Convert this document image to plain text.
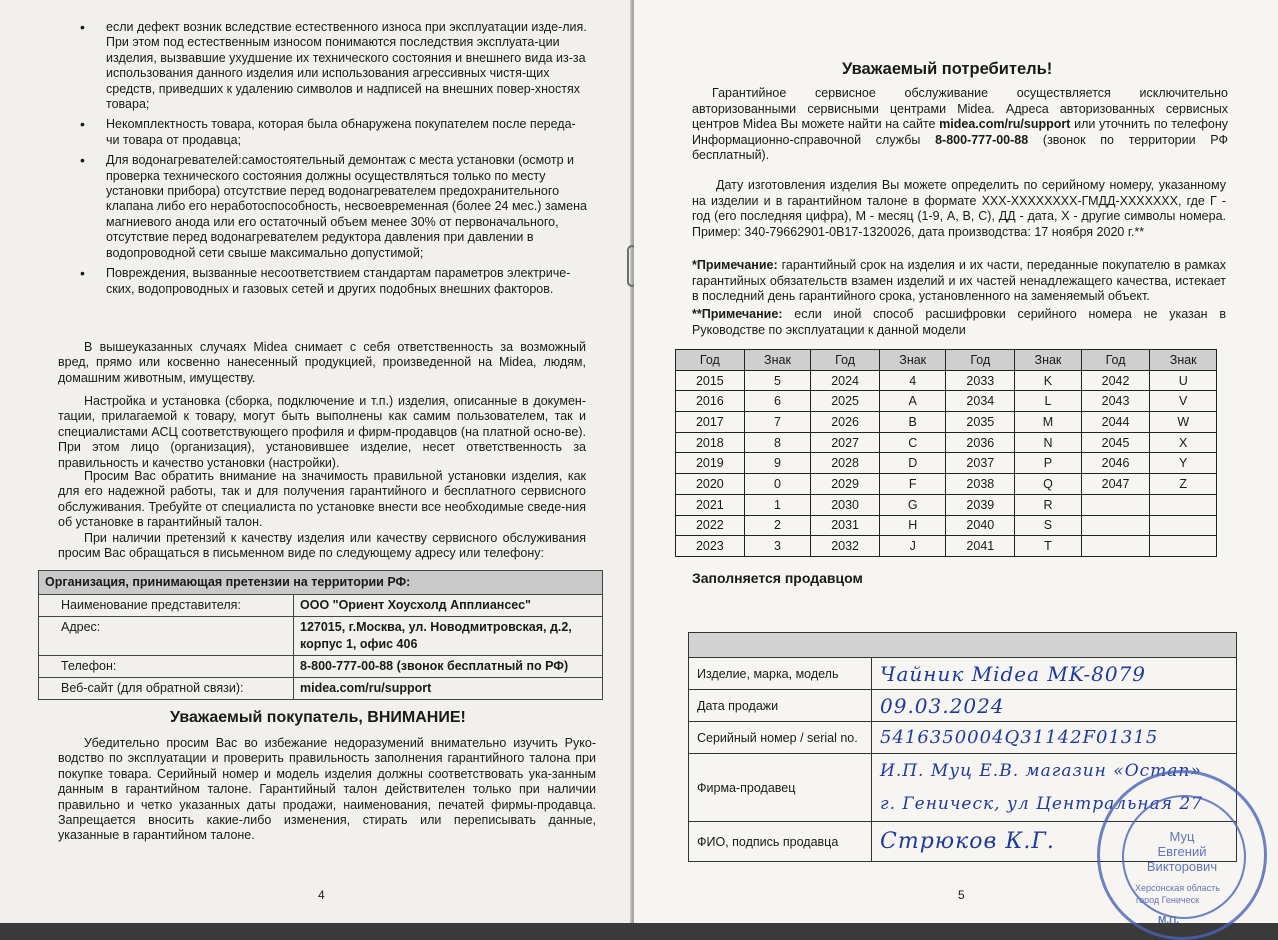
• если дефект возник вследствие естественного износа при эксплуатации изде-лия. При этом под естественным износом понимаются последствия эксплуата-ции изделия, вызвавшие ухудшение их технического состояния и внешнего вида из-за использования данного изделия или использования агрессивных чистя-щих средств, приведших к удалению символов и надписей на внешних повер-хностях товара;
• Некомплектность товара, которая была обнаружена покупателем после переда-чи товара от продавца;
• Для водонагревателей:самостоятельный демонтаж с места установки (осмотр и проверка технического состояния должны осуществляться только по месту установки прибора) отсутствие перед водонагревателем предохранительного клапана либо его неработоспособность, несвоевременная (более 24 мес.) замена магниевого анода или его остаточный объем менее 30% от первоначального, отсутствие перед водонагревателем редуктора давления при давлении в водопроводной сети свыше максимально допустимой;
• Повреждения, вызванные несоответствием стандартам параметров электриче-ских, водопроводных и газовых сетей и других подобных внешних факторов.

В вышеуказанных случаях Midea снимает с себя ответственность за возможный вред, прямо или косвенно нанесенный продукцией, произведенной на Midea, людям, домашним животным, имуществу.

Настройка и установка (сборка, подключение и т.п.) изделия, описанные в докумен-тации, прилагаемой к товару, могут быть выполнены как самим пользователем, так и специалистами АСЦ соответствующего профиля и фирм-продавцов (на платной осно-ве). При этом лицо (организация), установившее изделие, несет ответственность за правильность и качество установки (настройки).

Просим Вас обратить внимание на значимость правильной установки изделия, как для его надежной работы, так и для получения гарантийного и бесплатного сервисного обслуживания. Требуйте от специалиста по установке внести все необходимые сведе-ния об установке в гарантийный талон.

При наличии претензий к качеству изделия или качеству сервисного обслуживания просим Вас обращаться в письменном виде по следующему адресу или телефону:

Организация, принимающая претензии на территории РФ:	
Наименование представителя:	ООО "Ориент Хоусхолд Апплиансес"
Адрес:	127015, г.Москва, ул. Новодмитровская, д.2, корпус 1, офис 406
Телефон:	8-800-777-00-88 (звонок бесплатный по РФ)
Веб-сайт (для обратной связи):	midea.com/ru/support
Уважаемый покупатель, ВНИМАНИЕ!

Убедительно просим Вас во избежание недоразумений внимательно изучить Руко-водство по эксплуатации и проверить правильность заполнения гарантийного талона при покупке товара. Серийный номер и модель изделия должны соответствовать ука-занным данным в гарантийном талоне. Гарантийный талон действителен только при наличии правильно и четко указанных даты продажи, наименования, печатей фирмы-продавца. Запрещается вносить какие-либо изменения, стирать или переписывать данные, указанные в гарантийном талоне.

4
Уважаемый потребитель!

Гарантийное сервисное обслуживание осуществляется исключительно авторизованными сервисными центрами Midea. Адреса авторизованных сервисных центров Midea Вы можете найти на сайте midea.com/ru/support или уточнить по телефону Информационно-справочной службы 8-800-777-00-88 (звонок по территории РФ бесплатный).

Дату изготовления изделия Вы можете определить по серийному номеру, указанному на изделии и в гарантийном талоне в формате XXX-XXXXXXXX-ГМДД-XXXXXXX, где Г - год (его последняя цифра), М - месяц (1-9, A, B, C), ДД - дата, X - другие символы номера. Пример: 340-79662901-0B17-1320026, дата производства: 17 ноября 2020 г.**

*Примечание: гарантийный срок на изделия и их части, переданные покупателю в рамках гарантийных обязательств взамен изделий и их частей ненадлежащего качества, истекает в последний день гарантийного срока, установленного на заменяемый объект.

**Примечание: если иной способ расшифровки серийного номера не указан в Руководстве по эксплуатации к данной модели

Год	Знак	Год	Знак	Год	Знак	Год	Знак
2015	5	2024	4	2033	K	2042	U
2016	6	2025	A	2034	L	2043	V
2017	7	2026	B	2035	M	2044	W
2018	8	2027	C	2036	N	2045	X
2019	9	2028	D	2037	P	2046	Y
2020	0	2029	F	2038	Q	2047	Z
2021	1	2030	G	2039	R		
2022	2	2031	H	2040	S		
2023	3	2032	J	2041	T		
Заполняется продавцом

Изделие, марка, модель	Чайник Midea MK-8079
Дата продажи	09.03.2024
Серийный номер / serial no.	5416350004Q31142F01315
Фирма-продавец	И.П. Муц Е.В. магазин «Остап»
г. Геническ, ул Центральная 27
ФИО, подпись продавца	Стрюков К.Г.	Муц
Евгений
Викторович
Херсонская область
город Геническ
М.П.
5
